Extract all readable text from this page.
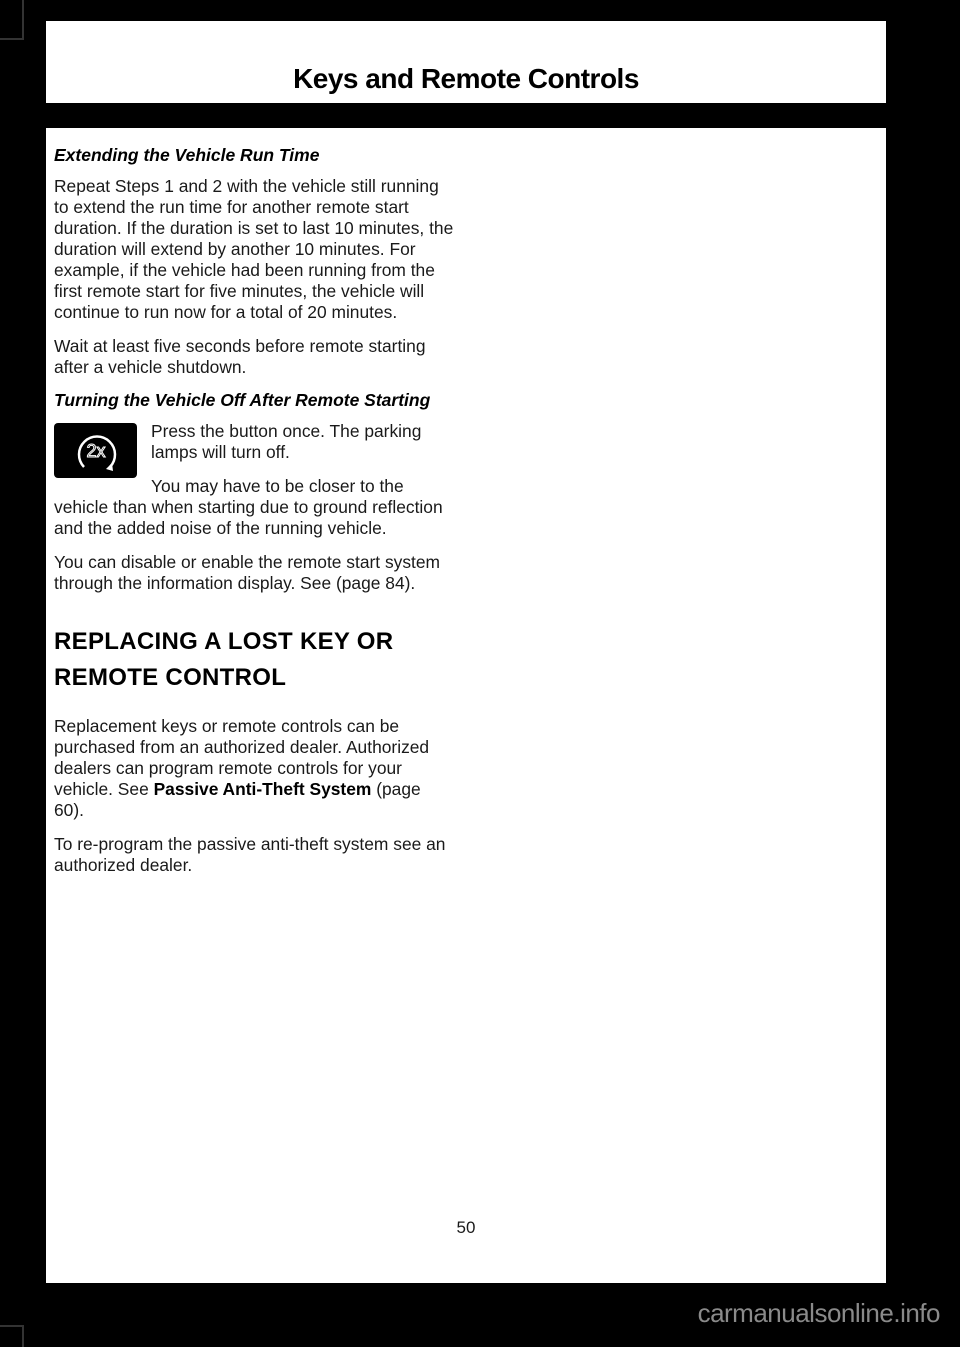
Keys and Remote Controls
Extending the Vehicle Run Time

Repeat Steps 1 and 2 with the vehicle still running to extend the run time for another remote start duration. If the duration is set to last 10 minutes, the duration will extend by another 10 minutes. For example, if the vehicle had been running from the first remote start for five minutes, the vehicle will continue to run now for a total of 20 minutes.

Wait at least five seconds before remote starting after a vehicle shutdown.

Turning the Vehicle Off After Remote Starting
2x

Press the button once. The parking lamps will turn off.

You may have to be closer to the vehicle than when starting due to ground reflection and the added noise of the running vehicle.

You can disable or enable the remote start system through the information display. See (page 84).

REPLACING A LOST KEY OR REMOTE CONTROL

Replacement keys or remote controls can be purchased from an authorized dealer. Authorized dealers can program remote controls for your vehicle. See Passive Anti-Theft System (page 60).

To re-program the passive anti-theft system see an authorized dealer.

50
carmanualsonline.info
